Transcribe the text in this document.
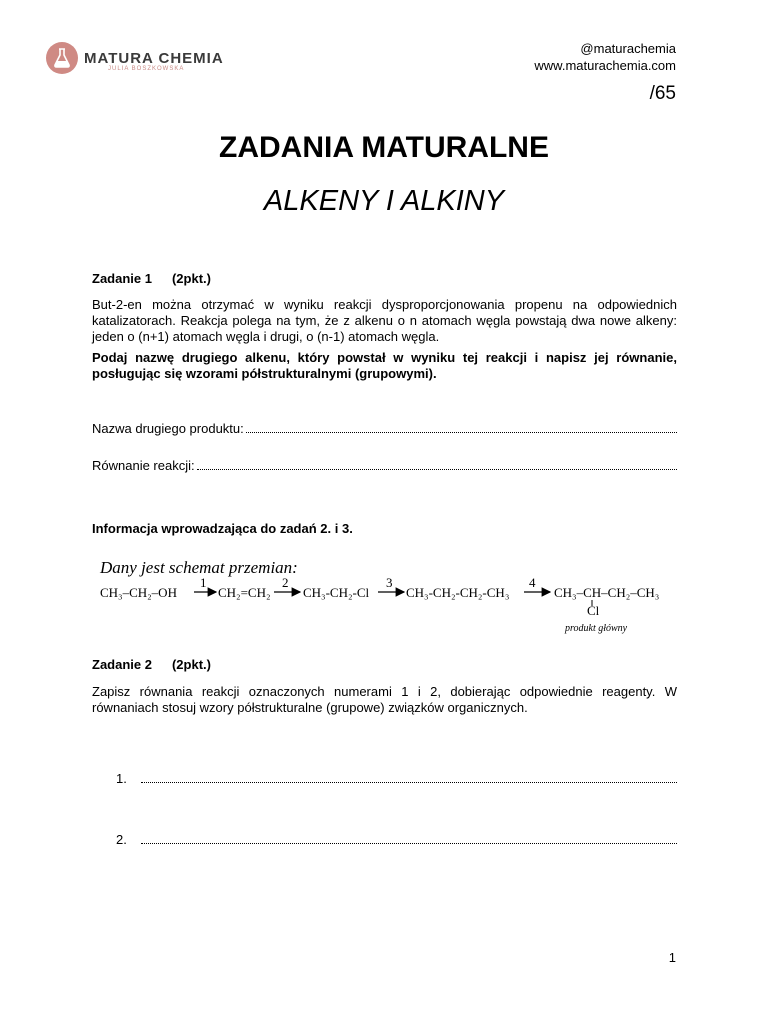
MATURA CHEMIA
JULIA BOSZKOWSKA
@maturachemia
www.maturachemia.com
/65
ZADANIA MATURALNE
ALKENY I ALKINY
Zadanie 1 (2pkt.)
But-2-en można otrzymać w wyniku reakcji dysproporcjonowania propenu na odpowiednich katalizatorach. Reakcja polega na tym, że z alkenu o n atomach węgla powstają dwa nowe alkeny: jeden o (n+1) atomach węgla i drugi, o (n-1) atomach węgla.
Podaj nazwę drugiego alkenu, który powstał w wyniku tej reakcji i napisz jej równanie, posługując się wzorami półstrukturalnymi (grupowymi).
Nazwa drugiego produktu:
Równanie reakcji:
Informacja wprowadzająca do zadań 2. i 3.
Dany jest schemat przemian:
CH₃–CH₂–OH
1
CH₂=CH₂
2
CH₃-CH₂-Cl
3
CH₃-CH₂-CH₂-CH₃
4
CH₃–CH–CH₂–CH₃
Cl
produkt główny
Zadanie 2 (2pkt.)
Zapisz równania reakcji oznaczonych numerami 1 i 2, dobierając odpowiednie reagenty. W równaniach stosuj wzory półstrukturalne (grupowe) związków organicznych.
1.
2.
1
